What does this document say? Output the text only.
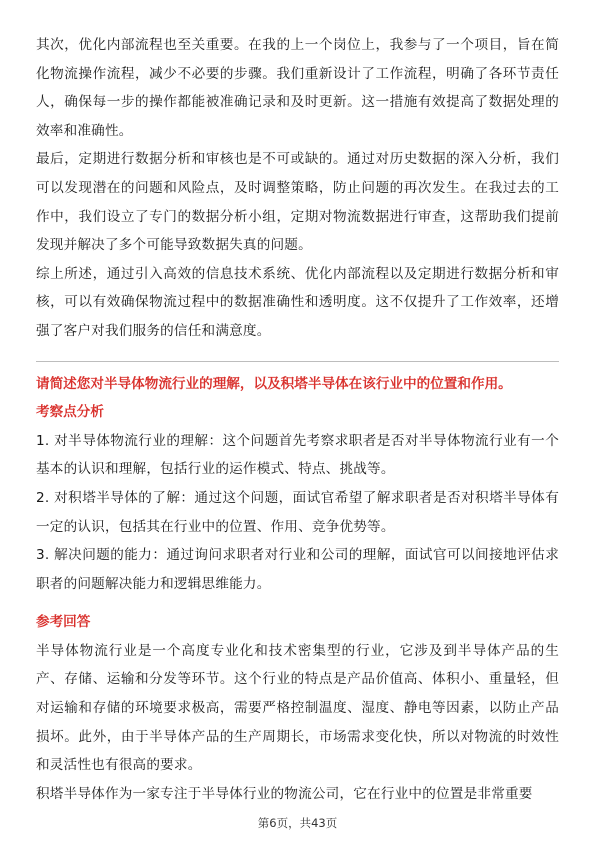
其次，优化内部流程也至关重要。在我的上一个岗位上，我参与了一个项目，旨在简化物流操作流程，减少不必要的步骤。我们重新设计了工作流程，明确了各环节责任人，确保每一步的操作都能被准确记录和及时更新。这一措施有效提高了数据处理的效率和准确性。

最后，定期进行数据分析和审核也是不可或缺的。通过对历史数据的深入分析，我们可以发现潜在的问题和风险点，及时调整策略，防止问题的再次发生。在我过去的工作中，我们设立了专门的数据分析小组，定期对物流数据进行审查，这帮助我们提前发现并解决了多个可能导致数据失真的问题。

综上所述，通过引入高效的信息技术系统、优化内部流程以及定期进行数据分析和审核，可以有效确保物流过程中的数据准确性和透明度。这不仅提升了工作效率，还增强了客户对我们服务的信任和满意度。

请简述您对半导体物流行业的理解，以及积塔半导体在该行业中的位置和作用。
考察点分析

1. 对半导体物流行业的理解：这个问题首先考察求职者是否对半导体物流行业有一个基本的认识和理解，包括行业的运作模式、特点、挑战等。

2. 对积塔半导体的了解：通过这个问题，面试官希望了解求职者是否对积塔半导体有一定的认识，包括其在行业中的位置、作用、竞争优势等。

3. 解决问题的能力：通过询问求职者对行业和公司的理解，面试官可以间接地评估求职者的问题解决能力和逻辑思维能力。

参考回答

半导体物流行业是一个高度专业化和技术密集型的行业，它涉及到半导体产品的生产、存储、运输和分发等环节。这个行业的特点是产品价值高、体积小、重量轻，但对运输和存储的环境要求极高，需要严格控制温度、湿度、静电等因素，以防止产品损坏。此外，由于半导体产品的生产周期长，市场需求变化快，所以对物流的时效性和灵活性也有很高的要求。

积塔半导体作为一家专注于半导体行业的物流公司，它在行业中的位置是非常重要

第6页，共43页
